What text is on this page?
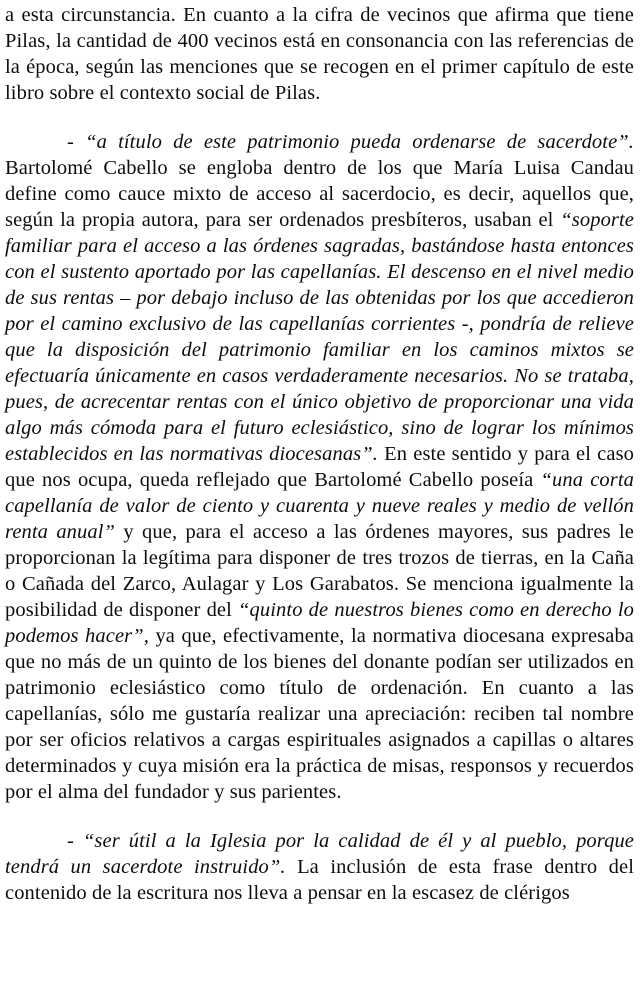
a esta circunstancia. En cuanto a la cifra de vecinos que afirma que tiene Pilas, la cantidad de 400 vecinos está en consonancia con las referencias de la época, según las menciones que se recogen en el primer capítulo de este libro sobre el contexto social de Pilas.

- “a título de este patrimonio pueda ordenarse de sacerdote”. Bartolomé Cabello se engloba dentro de los que María Luisa Candau define como cauce mixto de acceso al sacerdocio, es decir, aquellos que, según la propia autora, para ser ordenados presbíteros, usaban el “soporte familiar para el acceso a las órdenes sagradas, bastándose hasta entonces con el sustento aportado por las capellanías. El descenso en el nivel medio de sus rentas – por debajo incluso de las obtenidas por los que accedieron por el camino exclusivo de las capellanías corrientes -, pondría de relieve que la disposición del patrimonio familiar en los caminos mixtos se efectuaría únicamente en casos verdaderamente necesarios. No se trataba, pues, de acrecentar rentas con el único objetivo de proporcionar una vida algo más cómoda para el futuro eclesiástico, sino de lograr los mínimos establecidos en las normativas diocesanas”. En este sentido y para el caso que nos ocupa, queda reflejado que Bartolomé Cabello poseía “una corta capellanía de valor de ciento y cuarenta y nueve reales y medio de vellón renta anual” y que, para el acceso a las órdenes mayores, sus padres le proporcionan la legítima para disponer de tres trozos de tierras, en la Caña o Cañada del Zarco, Aulagar y Los Garabatos. Se menciona igualmente la posibilidad de disponer del “quinto de nuestros bienes como en derecho lo podemos hacer”, ya que, efectivamente, la normativa diocesana expresaba que no más de un quinto de los bienes del donante podían ser utilizados en patrimonio eclesiástico como título de ordenación. En cuanto a las capellanías, sólo me gustaría realizar una apreciación: reciben tal nombre por ser oficios relativos a cargas espirituales asignados a capillas o altares determinados y cuya misión era la práctica de misas, responsos y recuerdos por el alma del fundador y sus parientes.

- “ser útil a la Iglesia por la calidad de él y al pueblo, porque tendrá un sacerdote instruido”. La inclusión de esta frase dentro del contenido de la escritura nos lleva a pensar en la escasez de clérigos
